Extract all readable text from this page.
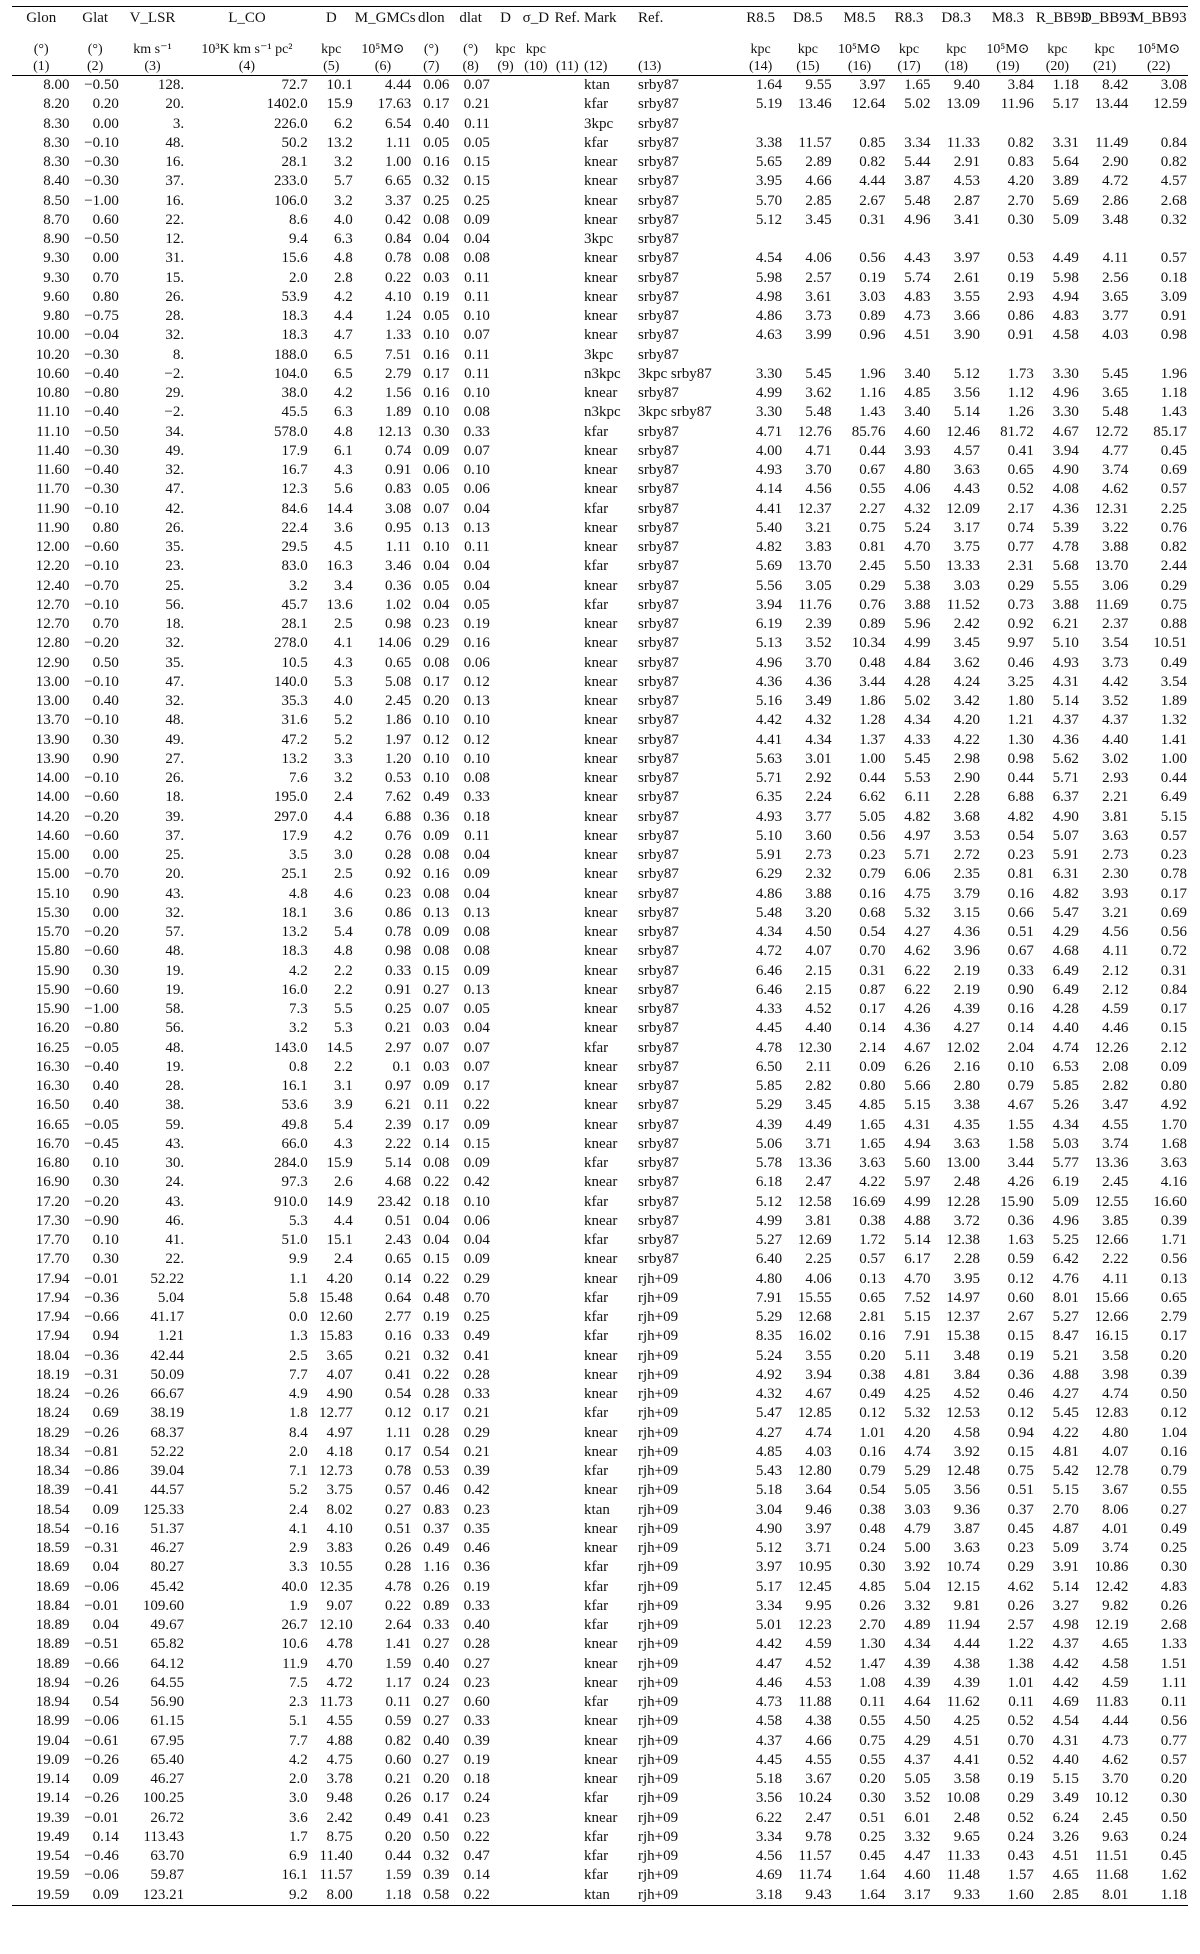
Glon	Glat	V_LSR	L_CO	D	M_GMCs	dlon	dlat	D	σ_D	Ref.	Mark	Ref.	R8.5	D8.5	M8.5	R8.3	D8.3	M8.3	R_BB93	D_BB93	M_BB93

(°)	(°)	km s⁻¹	10³K km s⁻¹ pc²	kpc	10⁵M⊙	(°)	(°)	kpc	kpc				kpc	kpc	10⁵M⊙	kpc	kpc	10⁵M⊙	kpc	kpc	10⁵M⊙
(1)	(2)	(3)	(4)	(5)	(6)	(7)	(8)	(9)	(10)	(11)	(12)	(13)	(14)	(15)	(16)	(17)	(18)	(19)	(20)	(21)	(22)
8.00	−0.50	128.	72.7	10.1	4.44	0.06	0.07				ktan	srby87	1.64	9.55	3.97	1.65	9.40	3.84	1.18	8.42	3.08
8.20	0.20	20.	1402.0	15.9	17.63	0.17	0.21				kfar	srby87	5.19	13.46	12.64	5.02	13.09	11.96	5.17	13.44	12.59
8.30	0.00	3.	226.0	6.2	6.54	0.40	0.11				3kpc	srby87									
8.30	−0.10	48.	50.2	13.2	1.11	0.05	0.05				kfar	srby87	3.38	11.57	0.85	3.34	11.33	0.82	3.31	11.49	0.84
8.30	−0.30	16.	28.1	3.2	1.00	0.16	0.15				knear	srby87	5.65	2.89	0.82	5.44	2.91	0.83	5.64	2.90	0.82
8.40	−0.30	37.	233.0	5.7	6.65	0.32	0.15				knear	srby87	3.95	4.66	4.44	3.87	4.53	4.20	3.89	4.72	4.57
8.50	−1.00	16.	106.0	3.2	3.37	0.25	0.25				knear	srby87	5.70	2.85	2.67	5.48	2.87	2.70	5.69	2.86	2.68
8.70	0.60	22.	8.6	4.0	0.42	0.08	0.09				knear	srby87	5.12	3.45	0.31	4.96	3.41	0.30	5.09	3.48	0.32
8.90	−0.50	12.	9.4	6.3	0.84	0.04	0.04				3kpc	srby87									
9.30	0.00	31.	15.6	4.8	0.78	0.08	0.08				knear	srby87	4.54	4.06	0.56	4.43	3.97	0.53	4.49	4.11	0.57
9.30	0.70	15.	2.0	2.8	0.22	0.03	0.11				knear	srby87	5.98	2.57	0.19	5.74	2.61	0.19	5.98	2.56	0.18
9.60	0.80	26.	53.9	4.2	4.10	0.19	0.11				knear	srby87	4.98	3.61	3.03	4.83	3.55	2.93	4.94	3.65	3.09
9.80	−0.75	28.	18.3	4.4	1.24	0.05	0.10				knear	srby87	4.86	3.73	0.89	4.73	3.66	0.86	4.83	3.77	0.91
10.00	−0.04	32.	18.3	4.7	1.33	0.10	0.07				knear	srby87	4.63	3.99	0.96	4.51	3.90	0.91	4.58	4.03	0.98
10.20	−0.30	8.	188.0	6.5	7.51	0.16	0.11				3kpc	srby87									
10.60	−0.40	−2.	104.0	6.5	2.79	0.17	0.11				n3kpc	3kpc srby87	3.30	5.45	1.96	3.40	5.12	1.73	3.30	5.45	1.96
10.80	−0.80	29.	38.0	4.2	1.56	0.16	0.10				knear	srby87	4.99	3.62	1.16	4.85	3.56	1.12	4.96	3.65	1.18
11.10	−0.40	−2.	45.5	6.3	1.89	0.10	0.08				n3kpc	3kpc srby87	3.30	5.48	1.43	3.40	5.14	1.26	3.30	5.48	1.43
11.10	−0.50	34.	578.0	4.8	12.13	0.30	0.33				kfar	srby87	4.71	12.76	85.76	4.60	12.46	81.72	4.67	12.72	85.17
11.40	−0.30	49.	17.9	6.1	0.74	0.09	0.07				knear	srby87	4.00	4.71	0.44	3.93	4.57	0.41	3.94	4.77	0.45
11.60	−0.40	32.	16.7	4.3	0.91	0.06	0.10				knear	srby87	4.93	3.70	0.67	4.80	3.63	0.65	4.90	3.74	0.69
11.70	−0.30	47.	12.3	5.6	0.83	0.05	0.06				knear	srby87	4.14	4.56	0.55	4.06	4.43	0.52	4.08	4.62	0.57
11.90	−0.10	42.	84.6	14.4	3.08	0.07	0.04				kfar	srby87	4.41	12.37	2.27	4.32	12.09	2.17	4.36	12.31	2.25
11.90	0.80	26.	22.4	3.6	0.95	0.13	0.13				knear	srby87	5.40	3.21	0.75	5.24	3.17	0.74	5.39	3.22	0.76
12.00	−0.60	35.	29.5	4.5	1.11	0.10	0.11				knear	srby87	4.82	3.83	0.81	4.70	3.75	0.77	4.78	3.88	0.82
12.20	−0.10	23.	83.0	16.3	3.46	0.04	0.04				kfar	srby87	5.69	13.70	2.45	5.50	13.33	2.31	5.68	13.70	2.44
12.40	−0.70	25.	3.2	3.4	0.36	0.05	0.04				knear	srby87	5.56	3.05	0.29	5.38	3.03	0.29	5.55	3.06	0.29
12.70	−0.10	56.	45.7	13.6	1.02	0.04	0.05				kfar	srby87	3.94	11.76	0.76	3.88	11.52	0.73	3.88	11.69	0.75
12.70	0.70	18.	28.1	2.5	0.98	0.23	0.19				knear	srby87	6.19	2.39	0.89	5.96	2.42	0.92	6.21	2.37	0.88
12.80	−0.20	32.	278.0	4.1	14.06	0.29	0.16				knear	srby87	5.13	3.52	10.34	4.99	3.45	9.97	5.10	3.54	10.51
12.90	0.50	35.	10.5	4.3	0.65	0.08	0.06				knear	srby87	4.96	3.70	0.48	4.84	3.62	0.46	4.93	3.73	0.49
13.00	−0.10	47.	140.0	5.3	5.08	0.17	0.12				knear	srby87	4.36	4.36	3.44	4.28	4.24	3.25	4.31	4.42	3.54
13.00	0.40	32.	35.3	4.0	2.45	0.20	0.13				knear	srby87	5.16	3.49	1.86	5.02	3.42	1.80	5.14	3.52	1.89
13.70	−0.10	48.	31.6	5.2	1.86	0.10	0.10				knear	srby87	4.42	4.32	1.28	4.34	4.20	1.21	4.37	4.37	1.32
13.90	0.30	49.	47.2	5.2	1.97	0.12	0.12				knear	srby87	4.41	4.34	1.37	4.33	4.22	1.30	4.36	4.40	1.41
13.90	0.90	27.	13.2	3.3	1.20	0.10	0.10				knear	srby87	5.63	3.01	1.00	5.45	2.98	0.98	5.62	3.02	1.00
14.00	−0.10	26.	7.6	3.2	0.53	0.10	0.08				knear	srby87	5.71	2.92	0.44	5.53	2.90	0.44	5.71	2.93	0.44
14.00	−0.60	18.	195.0	2.4	7.62	0.49	0.33				knear	srby87	6.35	2.24	6.62	6.11	2.28	6.88	6.37	2.21	6.49
14.20	−0.20	39.	297.0	4.4	6.88	0.36	0.18				knear	srby87	4.93	3.77	5.05	4.82	3.68	4.82	4.90	3.81	5.15
14.60	−0.60	37.	17.9	4.2	0.76	0.09	0.11				knear	srby87	5.10	3.60	0.56	4.97	3.53	0.54	5.07	3.63	0.57
15.00	0.00	25.	3.5	3.0	0.28	0.08	0.04				knear	srby87	5.91	2.73	0.23	5.71	2.72	0.23	5.91	2.73	0.23
15.00	−0.70	20.	25.1	2.5	0.92	0.16	0.09				knear	srby87	6.29	2.32	0.79	6.06	2.35	0.81	6.31	2.30	0.78
15.10	0.90	43.	4.8	4.6	0.23	0.08	0.04				knear	srby87	4.86	3.88	0.16	4.75	3.79	0.16	4.82	3.93	0.17
15.30	0.00	32.	18.1	3.6	0.86	0.13	0.13				knear	srby87	5.48	3.20	0.68	5.32	3.15	0.66	5.47	3.21	0.69
15.70	−0.20	57.	13.2	5.4	0.78	0.09	0.08				knear	srby87	4.34	4.50	0.54	4.27	4.36	0.51	4.29	4.56	0.56
15.80	−0.60	48.	18.3	4.8	0.98	0.08	0.08				knear	srby87	4.72	4.07	0.70	4.62	3.96	0.67	4.68	4.11	0.72
15.90	0.30	19.	4.2	2.2	0.33	0.15	0.09				knear	srby87	6.46	2.15	0.31	6.22	2.19	0.33	6.49	2.12	0.31
15.90	−0.60	19.	16.0	2.2	0.91	0.27	0.13				knear	srby87	6.46	2.15	0.87	6.22	2.19	0.90	6.49	2.12	0.84
15.90	−1.00	58.	7.3	5.5	0.25	0.07	0.05				knear	srby87	4.33	4.52	0.17	4.26	4.39	0.16	4.28	4.59	0.17
16.20	−0.80	56.	3.2	5.3	0.21	0.03	0.04				knear	srby87	4.45	4.40	0.14	4.36	4.27	0.14	4.40	4.46	0.15
16.25	−0.05	48.	143.0	14.5	2.97	0.07	0.07				kfar	srby87	4.78	12.30	2.14	4.67	12.02	2.04	4.74	12.26	2.12
16.30	−0.40	19.	0.8	2.2	0.1	0.03	0.07				knear	srby87	6.50	2.11	0.09	6.26	2.16	0.10	6.53	2.08	0.09
16.30	0.40	28.	16.1	3.1	0.97	0.09	0.17				knear	srby87	5.85	2.82	0.80	5.66	2.80	0.79	5.85	2.82	0.80
16.50	0.40	38.	53.6	3.9	6.21	0.11	0.22				knear	srby87	5.29	3.45	4.85	5.15	3.38	4.67	5.26	3.47	4.92
16.65	−0.05	59.	49.8	5.4	2.39	0.17	0.09				knear	srby87	4.39	4.49	1.65	4.31	4.35	1.55	4.34	4.55	1.70
16.70	−0.45	43.	66.0	4.3	2.22	0.14	0.15				knear	srby87	5.06	3.71	1.65	4.94	3.63	1.58	5.03	3.74	1.68
16.80	0.10	30.	284.0	15.9	5.14	0.08	0.09				kfar	srby87	5.78	13.36	3.63	5.60	13.00	3.44	5.77	13.36	3.63
16.90	0.30	24.	97.3	2.6	4.68	0.22	0.42				knear	srby87	6.18	2.47	4.22	5.97	2.48	4.26	6.19	2.45	4.16
17.20	−0.20	43.	910.0	14.9	23.42	0.18	0.10				kfar	srby87	5.12	12.58	16.69	4.99	12.28	15.90	5.09	12.55	16.60
17.30	−0.90	46.	5.3	4.4	0.51	0.04	0.06				knear	srby87	4.99	3.81	0.38	4.88	3.72	0.36	4.96	3.85	0.39
17.70	0.10	41.	51.0	15.1	2.43	0.04	0.04				kfar	srby87	5.27	12.69	1.72	5.14	12.38	1.63	5.25	12.66	1.71
17.70	0.30	22.	9.9	2.4	0.65	0.15	0.09				knear	srby87	6.40	2.25	0.57	6.17	2.28	0.59	6.42	2.22	0.56
17.94	−0.01	52.22	1.1	4.20	0.14	0.22	0.29				knear	rjh+09	4.80	4.06	0.13	4.70	3.95	0.12	4.76	4.11	0.13
17.94	−0.36	5.04	5.8	15.48	0.64	0.48	0.70				kfar	rjh+09	7.91	15.55	0.65	7.52	14.97	0.60	8.01	15.66	0.65
17.94	−0.66	41.17	0.0	12.60	2.77	0.19	0.25				kfar	rjh+09	5.29	12.68	2.81	5.15	12.37	2.67	5.27	12.66	2.79
17.94	0.94	1.21	1.3	15.83	0.16	0.33	0.49				kfar	rjh+09	8.35	16.02	0.16	7.91	15.38	0.15	8.47	16.15	0.17
18.04	−0.36	42.44	2.5	3.65	0.21	0.32	0.41				knear	rjh+09	5.24	3.55	0.20	5.11	3.48	0.19	5.21	3.58	0.20
18.19	−0.31	50.09	7.7	4.07	0.41	0.22	0.28				knear	rjh+09	4.92	3.94	0.38	4.81	3.84	0.36	4.88	3.98	0.39
18.24	−0.26	66.67	4.9	4.90	0.54	0.28	0.33				knear	rjh+09	4.32	4.67	0.49	4.25	4.52	0.46	4.27	4.74	0.50
18.24	0.69	38.19	1.8	12.77	0.12	0.17	0.21				kfar	rjh+09	5.47	12.85	0.12	5.32	12.53	0.12	5.45	12.83	0.12
18.29	−0.26	68.37	8.4	4.97	1.11	0.28	0.29				knear	rjh+09	4.27	4.74	1.01	4.20	4.58	0.94	4.22	4.80	1.04
18.34	−0.81	52.22	2.0	4.18	0.17	0.54	0.21				knear	rjh+09	4.85	4.03	0.16	4.74	3.92	0.15	4.81	4.07	0.16
18.34	−0.86	39.04	7.1	12.73	0.78	0.53	0.39				kfar	rjh+09	5.43	12.80	0.79	5.29	12.48	0.75	5.42	12.78	0.79
18.39	−0.41	44.57	5.2	3.75	0.57	0.46	0.42				knear	rjh+09	5.18	3.64	0.54	5.05	3.56	0.51	5.15	3.67	0.55
18.54	0.09	125.33	2.4	8.02	0.27	0.83	0.23				ktan	rjh+09	3.04	9.46	0.38	3.03	9.36	0.37	2.70	8.06	0.27
18.54	−0.16	51.37	4.1	4.10	0.51	0.37	0.35				knear	rjh+09	4.90	3.97	0.48	4.79	3.87	0.45	4.87	4.01	0.49
18.59	−0.31	46.27	2.9	3.83	0.26	0.49	0.46				knear	rjh+09	5.12	3.71	0.24	5.00	3.63	0.23	5.09	3.74	0.25
18.69	0.04	80.27	3.3	10.55	0.28	1.16	0.36				kfar	rjh+09	3.97	10.95	0.30	3.92	10.74	0.29	3.91	10.86	0.30
18.69	−0.06	45.42	40.0	12.35	4.78	0.26	0.19				kfar	rjh+09	5.17	12.45	4.85	5.04	12.15	4.62	5.14	12.42	4.83
18.84	−0.01	109.60	1.9	9.07	0.22	0.89	0.33				kfar	rjh+09	3.34	9.95	0.26	3.32	9.81	0.26	3.27	9.82	0.26
18.89	0.04	49.67	26.7	12.10	2.64	0.33	0.40				kfar	rjh+09	5.01	12.23	2.70	4.89	11.94	2.57	4.98	12.19	2.68
18.89	−0.51	65.82	10.6	4.78	1.41	0.27	0.28				knear	rjh+09	4.42	4.59	1.30	4.34	4.44	1.22	4.37	4.65	1.33
18.89	−0.66	64.12	11.9	4.70	1.59	0.40	0.27				knear	rjh+09	4.47	4.52	1.47	4.39	4.38	1.38	4.42	4.58	1.51
18.94	−0.26	64.55	7.5	4.72	1.17	0.24	0.23				knear	rjh+09	4.46	4.53	1.08	4.39	4.39	1.01	4.42	4.59	1.11
18.94	0.54	56.90	2.3	11.73	0.11	0.27	0.60				kfar	rjh+09	4.73	11.88	0.11	4.64	11.62	0.11	4.69	11.83	0.11
18.99	−0.06	61.15	5.1	4.55	0.59	0.27	0.33				knear	rjh+09	4.58	4.38	0.55	4.50	4.25	0.52	4.54	4.44	0.56
19.04	−0.61	67.95	7.7	4.88	0.82	0.40	0.39				knear	rjh+09	4.37	4.66	0.75	4.29	4.51	0.70	4.31	4.73	0.77
19.09	−0.26	65.40	4.2	4.75	0.60	0.27	0.19				knear	rjh+09	4.45	4.55	0.55	4.37	4.41	0.52	4.40	4.62	0.57
19.14	0.09	46.27	2.0	3.78	0.21	0.20	0.18				knear	rjh+09	5.18	3.67	0.20	5.05	3.58	0.19	5.15	3.70	0.20
19.14	−0.26	100.25	3.0	9.48	0.26	0.17	0.24				kfar	rjh+09	3.56	10.24	0.30	3.52	10.08	0.29	3.49	10.12	0.30
19.39	−0.01	26.72	3.6	2.42	0.49	0.41	0.23				knear	rjh+09	6.22	2.47	0.51	6.01	2.48	0.52	6.24	2.45	0.50
19.49	0.14	113.43	1.7	8.75	0.20	0.50	0.22				kfar	rjh+09	3.34	9.78	0.25	3.32	9.65	0.24	3.26	9.63	0.24
19.54	−0.46	63.70	6.9	11.40	0.44	0.32	0.47				kfar	rjh+09	4.56	11.57	0.45	4.47	11.33	0.43	4.51	11.51	0.45
19.59	−0.06	59.87	16.1	11.57	1.59	0.39	0.14				kfar	rjh+09	4.69	11.74	1.64	4.60	11.48	1.57	4.65	11.68	1.62
19.59	0.09	123.21	9.2	8.00	1.18	0.58	0.22				ktan	rjh+09	3.18	9.43	1.64	3.17	9.33	1.60	2.85	8.01	1.18
